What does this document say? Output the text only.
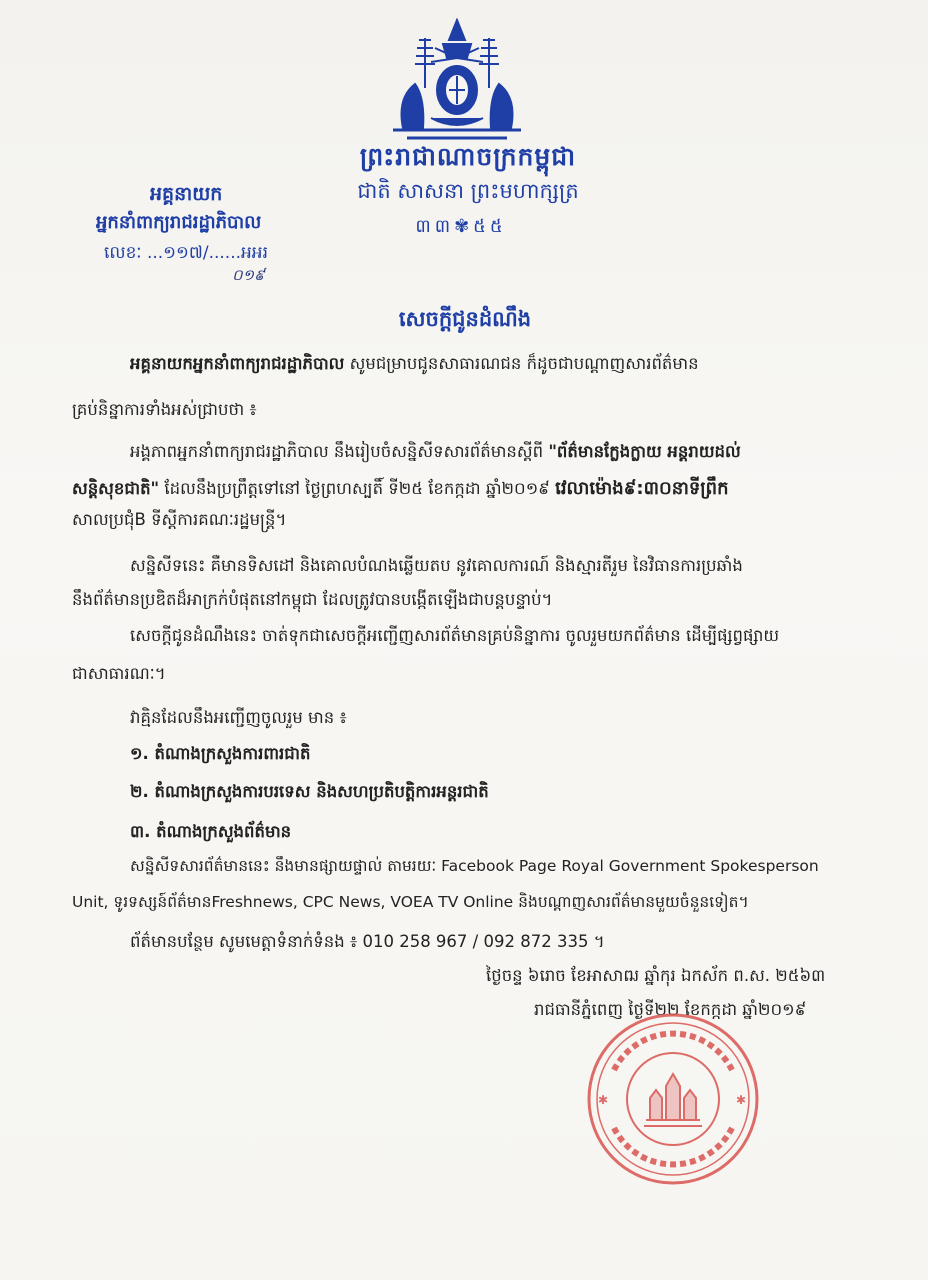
ព្រះរាជាណាចក្រកម្ពុជា
ជាតិ សាសនា ព្រះមហាក្សត្រ
៣៣✾៥៥
អគ្គនាយក
អ្នកនាំពាក្យរាជរដ្ឋាភិបាល
លេខៈ ...១១៧/......អអរ
០១៩
សេចក្តីជូនដំណឹង
អគ្គនាយកអ្នកនាំពាក្យរាជរដ្ឋាភិបាល សូមជម្រាបជូនសាធារណជន ក៏ដូចជាបណ្តាញសារព័ត៌មាន
គ្រប់និន្នាការទាំងអស់ជ្រាបថា ៖
អង្គភាពអ្នកនាំពាក្យរាជរដ្ឋាភិបាល នឹងរៀបចំសន្និសីទសារព័ត៌មានស្តីពី "ព័ត៌មានក្លែងក្លាយ អន្តរាយដល់
សន្តិសុខជាតិ" ដែលនឹងប្រព្រឹត្តទៅនៅ ថ្ងៃព្រហស្បតិ៍ ទី២៥ ខែកក្កដា ឆ្នាំ២០១៩ វេលាម៉ោង៩:៣០នាទីព្រឹក
សាលប្រជុំB ទីស្តីការគណៈរដ្ឋមន្ត្រី។
សន្និសីទនេះ គឺមានទិសដៅ និងគោលបំណងឆ្លើយតប នូវគោលការណ៍ និងស្មារតីរួម នៃវិធានការប្រឆាំង
នឹងព័ត៌មានប្រឌិតដ៏អាក្រក់បំផុតនៅកម្ពុជា ដែលត្រូវបានបង្កើតឡើងជាបន្តបន្ទាប់។
សេចក្តីជូនដំណឹងនេះ ចាត់ទុកជាសេចក្តីអញ្ជើញសារព័ត៌មានគ្រប់និន្នាការ ចូលរួមយកព័ត៌មាន ដើម្បីផ្សព្វផ្សាយ
ជាសាធារណៈ។
វាគ្មិនដែលនឹងអញ្ជើញចូលរួម មាន ៖
១. តំណាងក្រសួងការពារជាតិ
២. តំណាងក្រសួងការបរទេស និងសហប្រតិបត្តិការអន្តរជាតិ
៣. តំណាងក្រសួងព័ត៌មាន
សន្និសីទសារព័ត៌មាននេះ នឹងមានផ្សាយផ្ទាល់ តាមរយៈ Facebook Page Royal Government Spokesperson
Unit, ទូរទស្សន៍ព័ត៌មានFreshnews, CPC News, VOEA TV Online និងបណ្តាញសារព័ត៌មានមួយចំនួនទៀត។
ព័ត៌មានបន្ថែម សូមមេត្តាទំនាក់ទំនង ៖ 010 258 967 / 092 872 335 ។
ថ្ងៃចន្ទ ៦រោច ខែអាសាឍ ឆ្នាំកុរ ឯកស័ក ព.ស. ២៥៦៣
រាជធានីភ្នំពេញ ថ្ងៃទី២២ ខែកក្កដា ឆ្នាំ២០១៩
✱	✱
